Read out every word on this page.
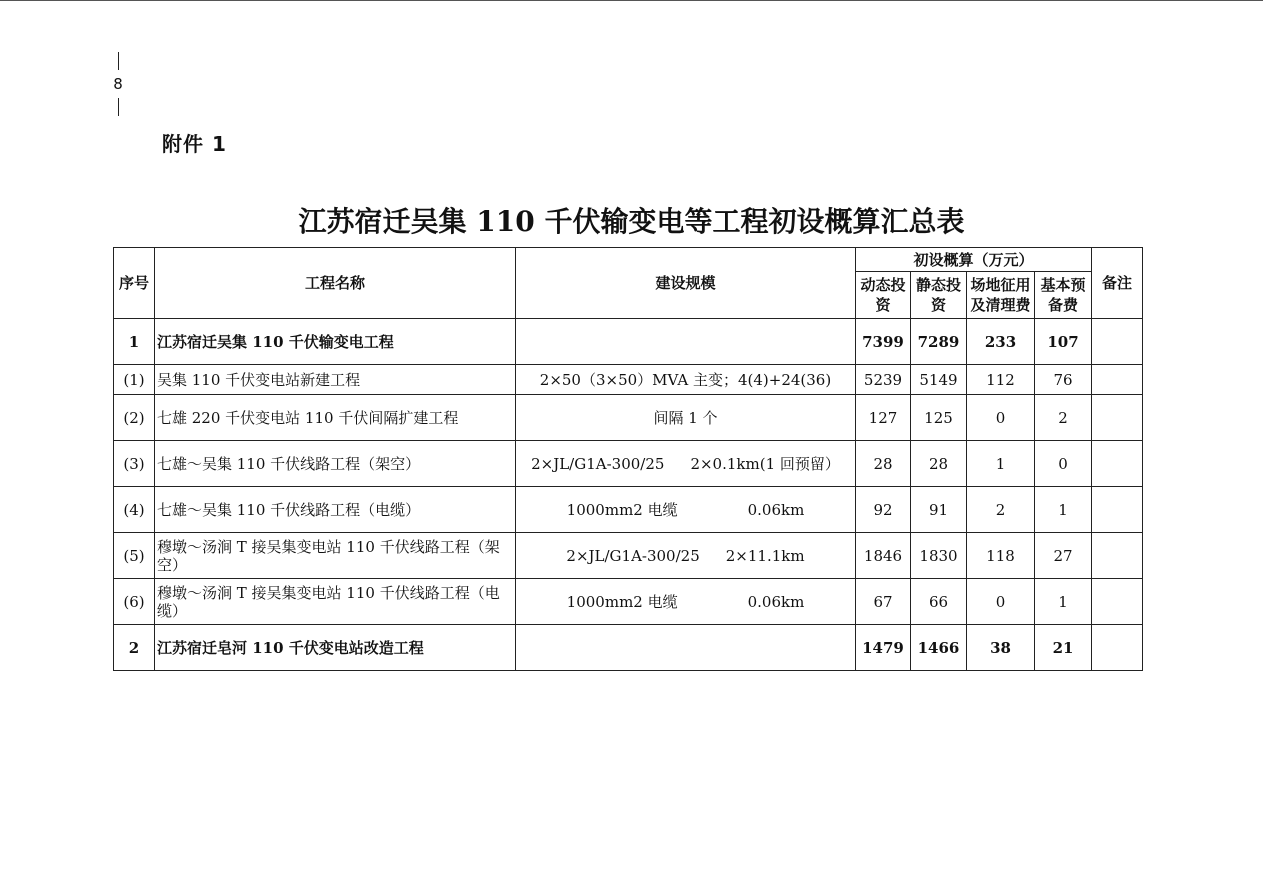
8
附件 1
江苏宿迁吴集 110 千伏输变电等工程初设概算汇总表
序号	工程名称	建设规模	初设概算（万元）				备注
			动态投资	静态投资	场地征用及清理费	基本预备费	
1	江苏宿迁吴集 110 千伏输变电工程		7399	7289	233	107	
(1)	吴集 110 千伏变电站新建工程	2×50（3×50）MVA 主变；4(4)+24(36)	5239	5149	112	76	
(2)	七雄 220 千伏变电站 110 千伏间隔扩建工程	间隔 1 个	127	125	0	2	
(3)	七雄～吴集 110 千伏线路工程（架空）	2×JL/G1A-300/25 2×0.1km(1 回预留）	28	28	1	0	
(4)	七雄～吴集 110 千伏线路工程（电缆）	1000mm2 电缆 0.06km	92	91	2	1	
(5)	穆墩～汤涧 T 接吴集变电站 110 千伏线路工程（架空）	2×JL/G1A-300/25 2×11.1km	1846	1830	118	27	
(6)	穆墩～汤涧 T 接吴集变电站 110 千伏线路工程（电缆）	1000mm2 电缆 0.06km	67	66	0	1	
2	江苏宿迁皂河 110 千伏变电站改造工程		1479	1466	38	21	
